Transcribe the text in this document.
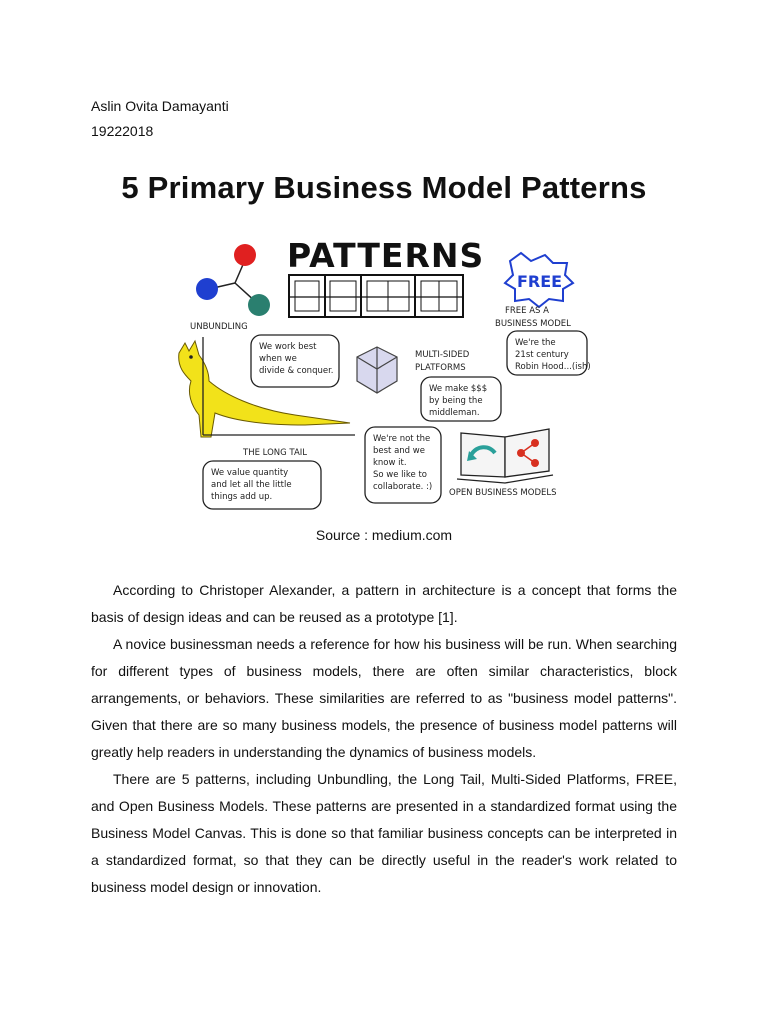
Aslin Ovita Damayanti
19222018
5 Primary Business Model Patterns
PATTERNS
UNBUNDLING
We work best when we divide & conquer.
THE LONG TAIL
We value quantity and let all the little things add up.
MULTI-SIDED PLATFORMS
We make $$$ by being the middleman.
FREE
FREE AS A BUSINESS MODEL
We're the 21st century Robin Hood...(ish)
We're not the best and we know it. So we like to collaborate. :)
OPEN BUSINESS MODELS
Source : medium.com

According to Christoper Alexander, a pattern in architecture is a concept that forms the basis of design ideas and can be reused as a prototype [1].

A novice businessman needs a reference for how his business will be run. When searching for different types of business models, there are often similar characteristics, block arrangements, or behaviors. These similarities are referred to as "business model patterns". Given that there are so many business models, the presence of business model patterns will greatly help readers in understanding the dynamics of business models.

There are 5 patterns, including Unbundling, the Long Tail, Multi-Sided Platforms, FREE, and Open Business Models. These patterns are presented in a standardized format using the Business Model Canvas. This is done so that familiar business concepts can be interpreted in a standardized format, so that they can be directly useful in the reader's work related to business model design or innovation.
